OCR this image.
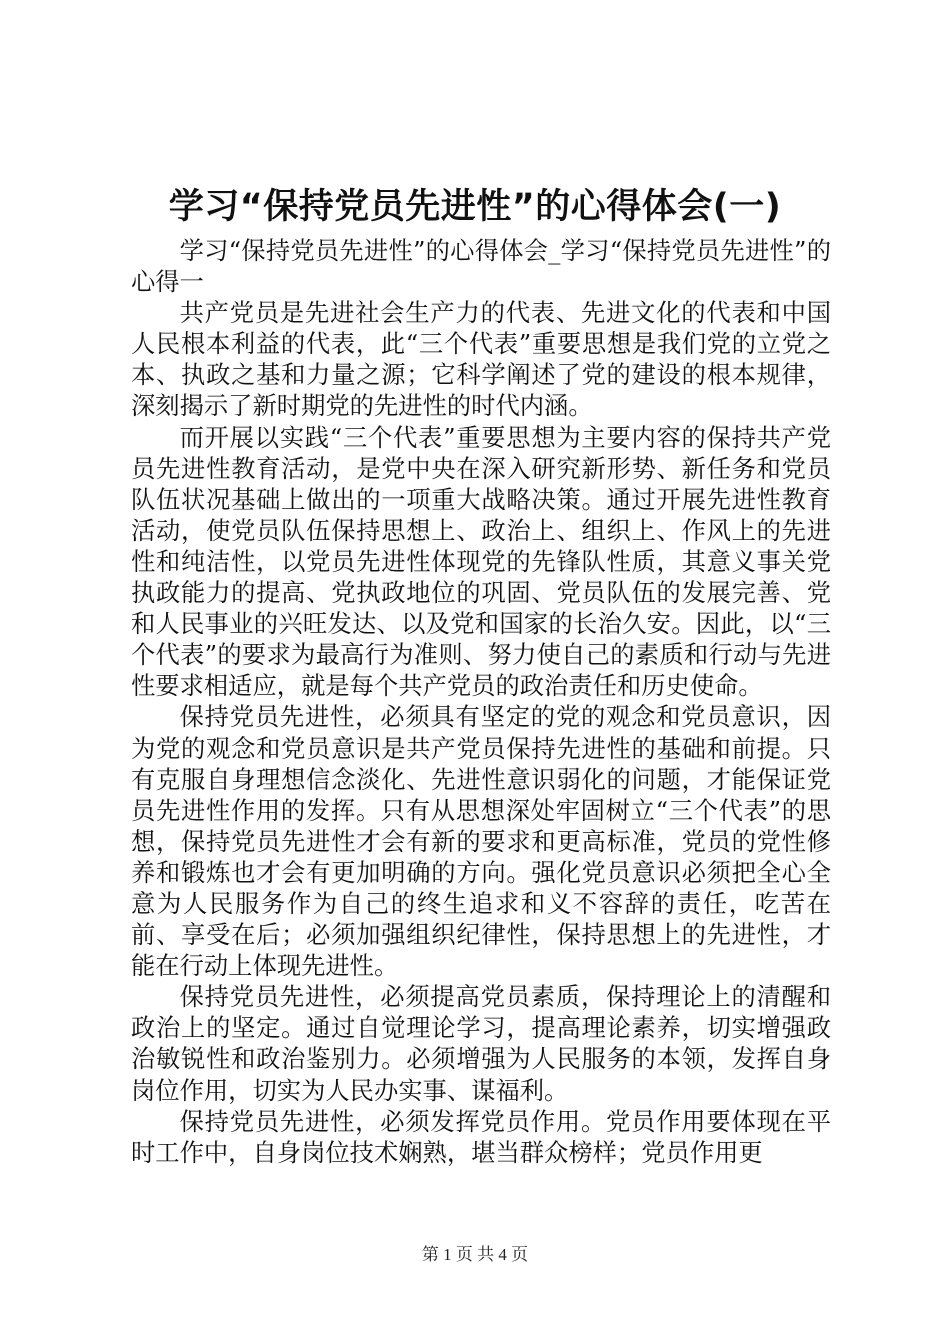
学习“保持党员先进性”的心得体会(一)

学习“保持党员先进性”的心得体会_学习“保持党员先进性”的心得一

共产党员是先进社会生产力的代表、先进文化的代表和中国人民根本利益的代表，此“三个代表”重要思想是我们党的立党之本、执政之基和力量之源；它科学阐述了党的建设的根本规律，深刻揭示了新时期党的先进性的时代内涵。

而开展以实践“三个代表”重要思想为主要内容的保持共产党员先进性教育活动，是党中央在深入研究新形势、新任务和党员队伍状况基础上做出的一项重大战略决策。通过开展先进性教育活动，使党员队伍保持思想上、政治上、组织上、作风上的先进性和纯洁性，以党员先进性体现党的先锋队性质，其意义事关党执政能力的提高、党执政地位的巩固、党员队伍的发展完善、党和人民事业的兴旺发达、以及党和国家的长治久安。因此，以“三个代表”的要求为最高行为准则、努力使自己的素质和行动与先进性要求相适应，就是每个共产党员的政治责任和历史使命。

保持党员先进性，必须具有坚定的党的观念和党员意识，因为党的观念和党员意识是共产党员保持先进性的基础和前提。只有克服自身理想信念淡化、先进性意识弱化的问题，才能保证党员先进性作用的发挥。只有从思想深处牢固树立“三个代表”的思想，保持党员先进性才会有新的要求和更高标准，党员的党性修养和锻炼也才会有更加明确的方向。强化党员意识必须把全心全意为人民服务作为自己的终生追求和义不容辞的责任，吃苦在前、享受在后；必须加强组织纪律性，保持思想上的先进性，才能在行动上体现先进性。

保持党员先进性，必须提高党员素质，保持理论上的清醒和政治上的坚定。通过自觉理论学习，提高理论素养，切实增强政治敏锐性和政治鉴别力。必须增强为人民服务的本领，发挥自身岗位作用，切实为人民办实事、谋福利。

保持党员先进性，必须发挥党员作用。党员作用要体现在平时工作中，自身岗位技术娴熟，堪当群众榜样；党员作用更

第 1 页 共 4 页
